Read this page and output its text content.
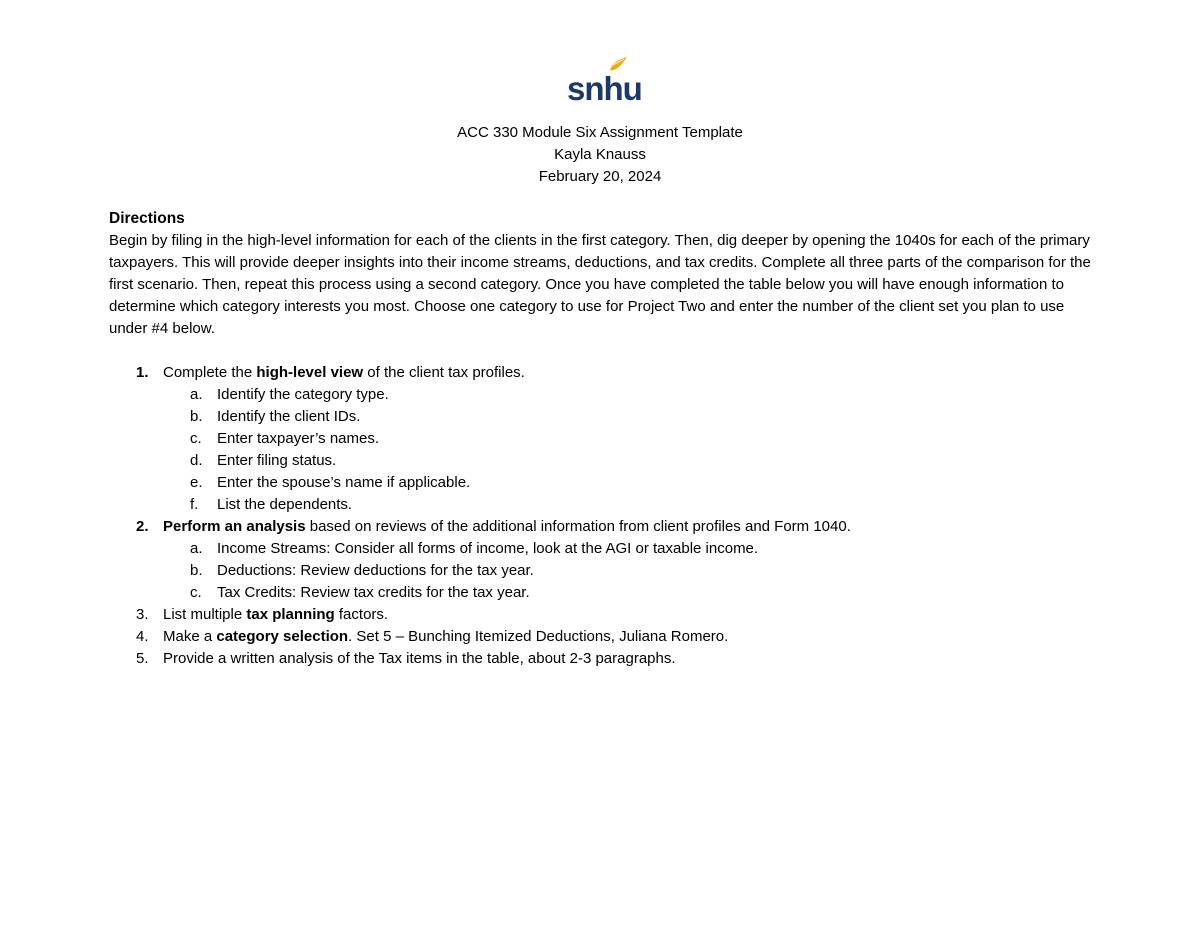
snhu
ACC 330 Module Six Assignment Template
Kayla Knauss
February 20, 2024

Directions

Begin by filing in the high-level information for each of the clients in the first category. Then, dig deeper by opening the 1040s for each of the primary taxpayers. This will provide deeper insights into their income streams, deductions, and tax credits. Complete all three parts of the comparison for the first scenario. Then, repeat this process using a second category. Once you have completed the table below you will have enough information to determine which category interests you most. Choose one category to use for Project Two and enter the number of the client set you plan to use under #4 below.

1. Complete the high-level view of the client tax profiles.
a. Identify the category type.
b. Identify the client IDs.
c. Enter taxpayer’s names.
d. Enter filing status.
e. Enter the spouse’s name if applicable.
f. List the dependents.
2. Perform an analysis based on reviews of the additional information from client profiles and Form 1040.
a. Income Streams: Consider all forms of income, look at the AGI or taxable income.
b. Deductions: Review deductions for the tax year.
c. Tax Credits: Review tax credits for the tax year.
3. List multiple tax planning factors.
4. Make a category selection. Set 5 – Bunching Itemized Deductions, Juliana Romero.
5. Provide a written analysis of the Tax items in the table, about 2-3 paragraphs.
